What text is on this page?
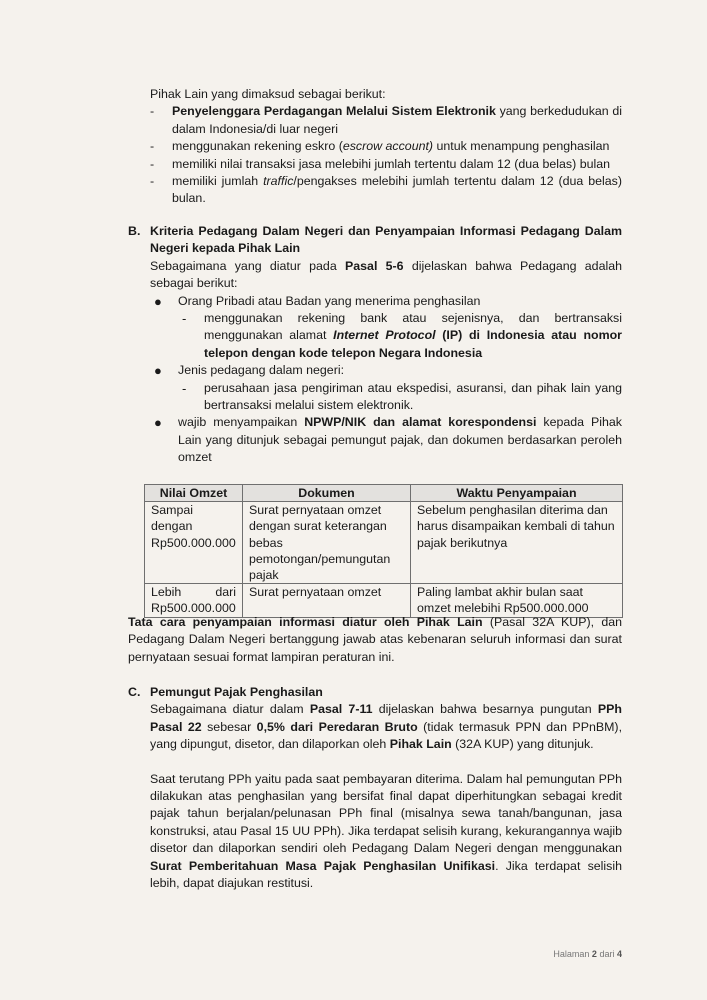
Pihak Lain yang dimaksud sebagai berikut:

- Penyelenggara Perdagangan Melalui Sistem Elektronik yang berkedudukan di dalam Indonesia/di luar negeri

- menggunakan rekening eskro (escrow account) untuk menampung penghasilan

- memiliki nilai transaksi jasa melebihi jumlah tertentu dalam 12 (dua belas) bulan

- memiliki jumlah traffic/pengakses melebihi jumlah tertentu dalam 12 (dua belas) bulan.

B. Kriteria Pedagang Dalam Negeri dan Penyampaian Informasi Pedagang Dalam Negeri kepada Pihak Lain

Sebagaimana yang diatur pada Pasal 5-6 dijelaskan bahwa Pedagang adalah sebagai berikut:

● Orang Pribadi atau Badan yang menerima penghasilan

- menggunakan rekening bank atau sejenisnya, dan bertransaksi menggunakan alamat Internet Protocol (IP) di Indonesia atau nomor telepon dengan kode telepon Negara Indonesia

● Jenis pedagang dalam negeri:

- perusahaan jasa pengiriman atau ekspedisi, asuransi, dan pihak lain yang bertransaksi melalui sistem elektronik.

● wajib menyampaikan NPWP/NIK dan alamat korespondensi kepada Pihak Lain yang ditunjuk sebagai pemungut pajak, dan dokumen berdasarkan peroleh omzet

Nilai Omzet	Dokumen	Waktu Penyampaian
Sampai dengan Rp500.000.000	Surat pernyataan omzet dengan surat keterangan bebas pemotongan/pemungutan pajak	Sebelum penghasilan diterima dan harus disampaikan kembali di tahun pajak berikutnya
Lebih dari Rp500.000.000	Surat pernyataan omzet	Paling lambat akhir bulan saat omzet melebihi Rp500.000.000

Tata cara penyampaian informasi diatur oleh Pihak Lain (Pasal 32A KUP), dan Pedagang Dalam Negeri bertanggung jawab atas kebenaran seluruh informasi dan surat pernyataan sesuai format lampiran peraturan ini.

C. Pemungut Pajak Penghasilan

Sebagaimana diatur dalam Pasal 7-11 dijelaskan bahwa besarnya pungutan PPh Pasal 22 sebesar 0,5% dari Peredaran Bruto (tidak termasuk PPN dan PPnBM), yang dipungut, disetor, dan dilaporkan oleh Pihak Lain (32A KUP) yang ditunjuk.

Saat terutang PPh yaitu pada saat pembayaran diterima. Dalam hal pemungutan PPh dilakukan atas penghasilan yang bersifat final dapat diperhitungkan sebagai kredit pajak tahun berjalan/pelunasan PPh final (misalnya sewa tanah/bangunan, jasa konstruksi, atau Pasal 15 UU PPh). Jika terdapat selisih kurang, kekurangannya wajib disetor dan dilaporkan sendiri oleh Pedagang Dalam Negeri dengan menggunakan Surat Pemberitahuan Masa Pajak Penghasilan Unifikasi. Jika terdapat selisih lebih, dapat diajukan restitusi.

Halaman 2 dari 4
